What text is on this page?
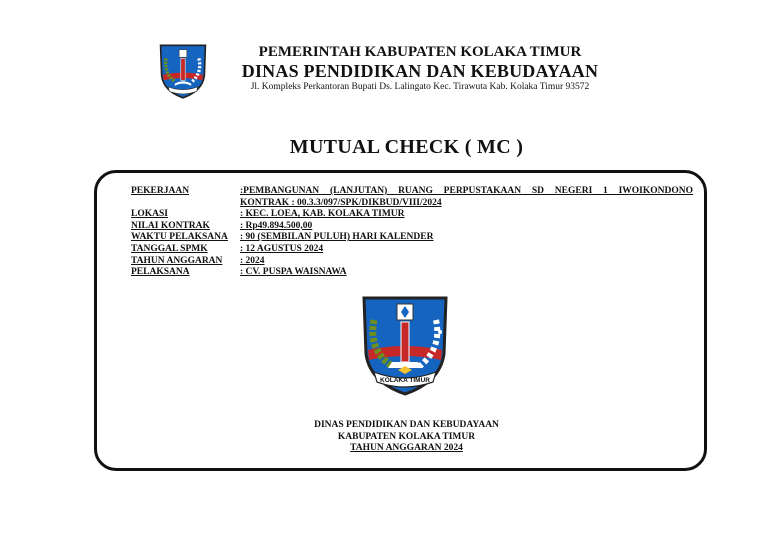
PEMERINTAH KABUPATEN KOLAKA TIMUR
DINAS PENDIDIKAN DAN KEBUDAYAAN
Jl. Kompleks Perkantoran Bupati Ds. Lalingato Kec. Tirawuta Kab. Kolaka Timur 93572
MUTUAL CHECK ( MC )
PEKERJAAN	:PEMBANGUNAN (LANJUTAN) RUANG PERPUSTAKAAN SD NEGERI 1 IWOIKONDONO
KONTRAK : 00.3.3/097/SPK/DIKBUD/VIII/2024
LOKASI	: KEC. LOEA, KAB. KOLAKA TIMUR
NILAI KONTRAK	: Rp49.894.500,00
WAKTU PELAKSANA : 90 (SEMBILAN PULUH) HARI KALENDER
TANGGAL SPMK	: 12 AGUSTUS 2024
TAHUN ANGGARAN : 2024
PELAKSANA	: CV. PUSPA WAISNAWA
KOLAKA TIMUR
DINAS PENDIDIKAN DAN KEBUDAYAAN
KABUPATEN KOLAKA TIMUR
TAHUN ANGGARAN 2024
